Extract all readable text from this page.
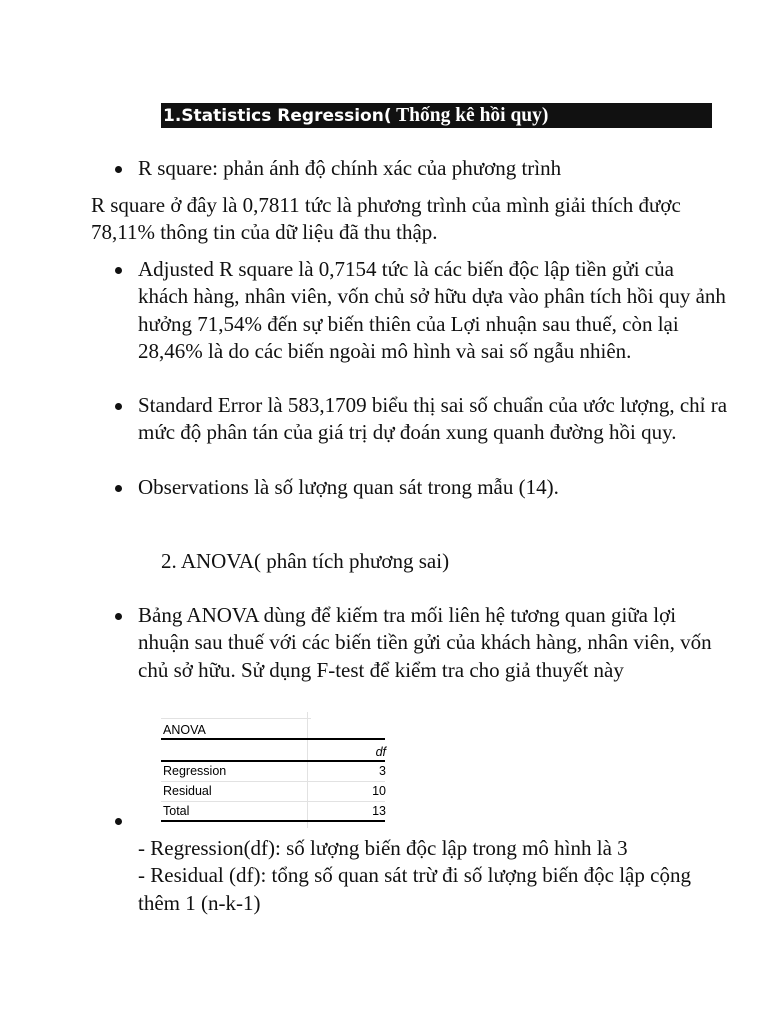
1.Statistics Regression( Thống kê hồi quy)
R square: phản ánh độ chính xác của phương trình
R square ở đây là 0,7811 tức là phương trình của mình giải thích được 78,11% thông tin của dữ liệu đã thu thập.
Adjusted R square là 0,7154 tức là các biến độc lập tiền gửi của khách hàng, nhân viên, vốn chủ sở hữu dựa vào phân tích hồi quy ảnh hưởng 71,54% đến sự biến thiên của Lợi nhuận sau thuế, còn lại 28,46% là do các biến ngoài mô hình và sai số ngẫu nhiên.
Standard Error là 583,1709 biểu thị sai số chuẩn của ước lượng, chỉ ra mức độ phân tán của giá trị dự đoán xung quanh đường hồi quy.
Observations là số lượng quan sát trong mẫu (14).
2. ANOVA( phân tích phương sai)
Bảng ANOVA dùng để kiếm tra mối liên hệ tương quan giữa lợi nhuận sau thuế với các biến tiền gửi của khách hàng, nhân viên, vốn chủ sở hữu. Sử dụng F-test để kiểm tra cho giả thuyết này
ANOVA
df
Regression	3
Residual	10
Total	13
- Regression(df): số lượng biến độc lập trong mô hình là 3
- Residual (df): tổng số quan sát trừ đi số lượng biến độc lập cộng thêm 1 (n-k-1)
